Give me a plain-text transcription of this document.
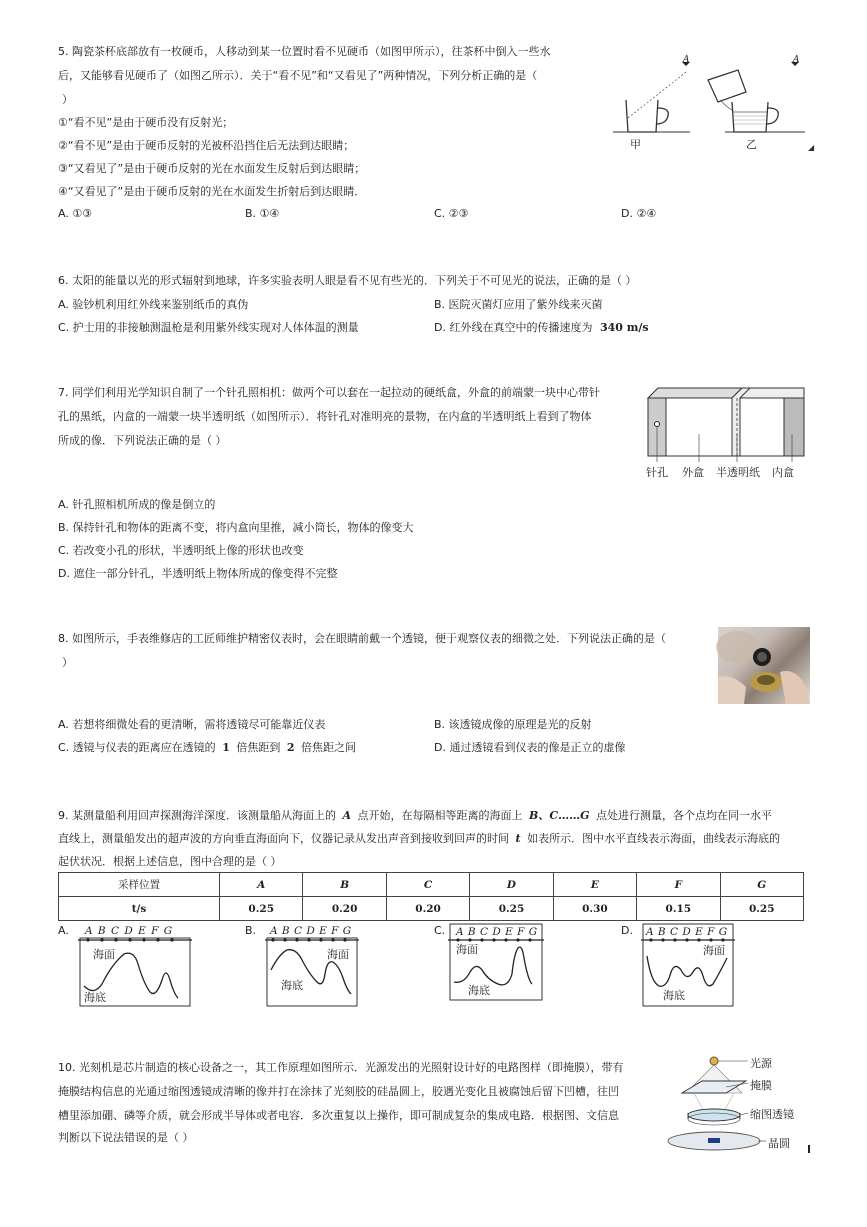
5. 陶瓷茶杯底部放有一枚硬币，人移动到某一位置时看不见硬币（如图甲所示），往茶杯中倒入一些水
后，又能够看见硬币了（如图乙所示）．关于“看不见”和“又看见了”两种情况，下列分析正确的是（
）
①“看不见”是由于硬币没有反射光；
②“看不见”是由于硬币反射的光被杯沿挡住后无法到达眼睛；
③“又看见了”是由于硬币反射的光在水面发生反射后到达眼睛；
④“又看见了”是由于硬币反射的光在水面发生折射后到达眼睛．
A. ①③	B. ①④	C. ②③	D. ②④
◢
A	A
甲	乙
6. 太阳的能量以光的形式辐射到地球，许多实验表明人眼是看不见有些光的．下列关于不可见光的说法，正确的是（ ）
A. 验钞机利用红外线来鉴别纸币的真伪	B. 医院灭菌灯应用了紫外线来灭菌
C. 护士用的非接触测温枪是利用紫外线实现对人体体温的测量	D. 红外线在真空中的传播速度为 340 m/s
7. 同学们利用光学知识自制了一个针孔照相机：做两个可以套在一起拉动的硬纸盒，外盒的前端蒙一块中心带针
孔的黑纸，内盒的一端蒙一块半透明纸（如图所示）．将针孔对准明亮的景物，在内盒的半透明纸上看到了物体
所成的像．下列说法正确的是（ ）
A. 针孔照相机所成的像是倒立的
B. 保持针孔和物体的距离不变，将内盒向里推，减小筒长，物体的像变大
C. 若改变小孔的形状，半透明纸上像的形状也改变
D. 遮住一部分针孔，半透明纸上物体所成的像变得不完整
针孔 外盒 半透明纸 内盒
8. 如图所示，手表维修店的工匠师维护精密仪表时，会在眼睛前戴一个透镜，便于观察仪表的细微之处．下列说法正确的是（
）
A. 若想将细微处看的更清晰，需将透镜尽可能靠近仪表	B. 该透镜成像的原理是光的反射
C. 透镜与仪表的距离应在透镜的 1 倍焦距到 2 倍焦距之间	D. 通过透镜看到仪表的像是正立的虚像
9. 某测量船利用回声探测海洋深度．该测量船从海面上的 A 点开始，在每隔相等距离的海面上 B、C……G 点处进行测量，各个点均在同一水平
直线上，测量船发出的超声波的方向垂直海面向下，仪器记录从发出声音到接收到回声的时间 t 如表所示．图中水平直线表示海面，曲线表示海底的
起伏状况．根据上述信息，图中合理的是（ ）
采样位置	A	B	C	D	E	F	G
t/s	0.25	0.20	0.20	0.25	0.30	0.15	0.25
A. A B C D E F G
海面
海底
B. A B C D E F G
海面
海底
C. A B C D E F G
海面
海底
D. A B C D E F G
海面
海底
10. 光刻机是芯片制造的核心设备之一，其工作原理如图所示．光源发出的光照射设计好的电路图样（即掩膜），带有
掩膜结构信息的光通过缩图透镜成清晰的像并打在涂抹了光刻胶的硅晶圆上，胶遇光变化且被腐蚀后留下凹槽，往凹
槽里添加硼、磷等介质，就会形成半导体或者电容．多次重复以上操作，即可制成复杂的集成电路．根据图、文信息
判断以下说法错误的是（ ）
光源
掩膜
缩图透镜
晶圆
